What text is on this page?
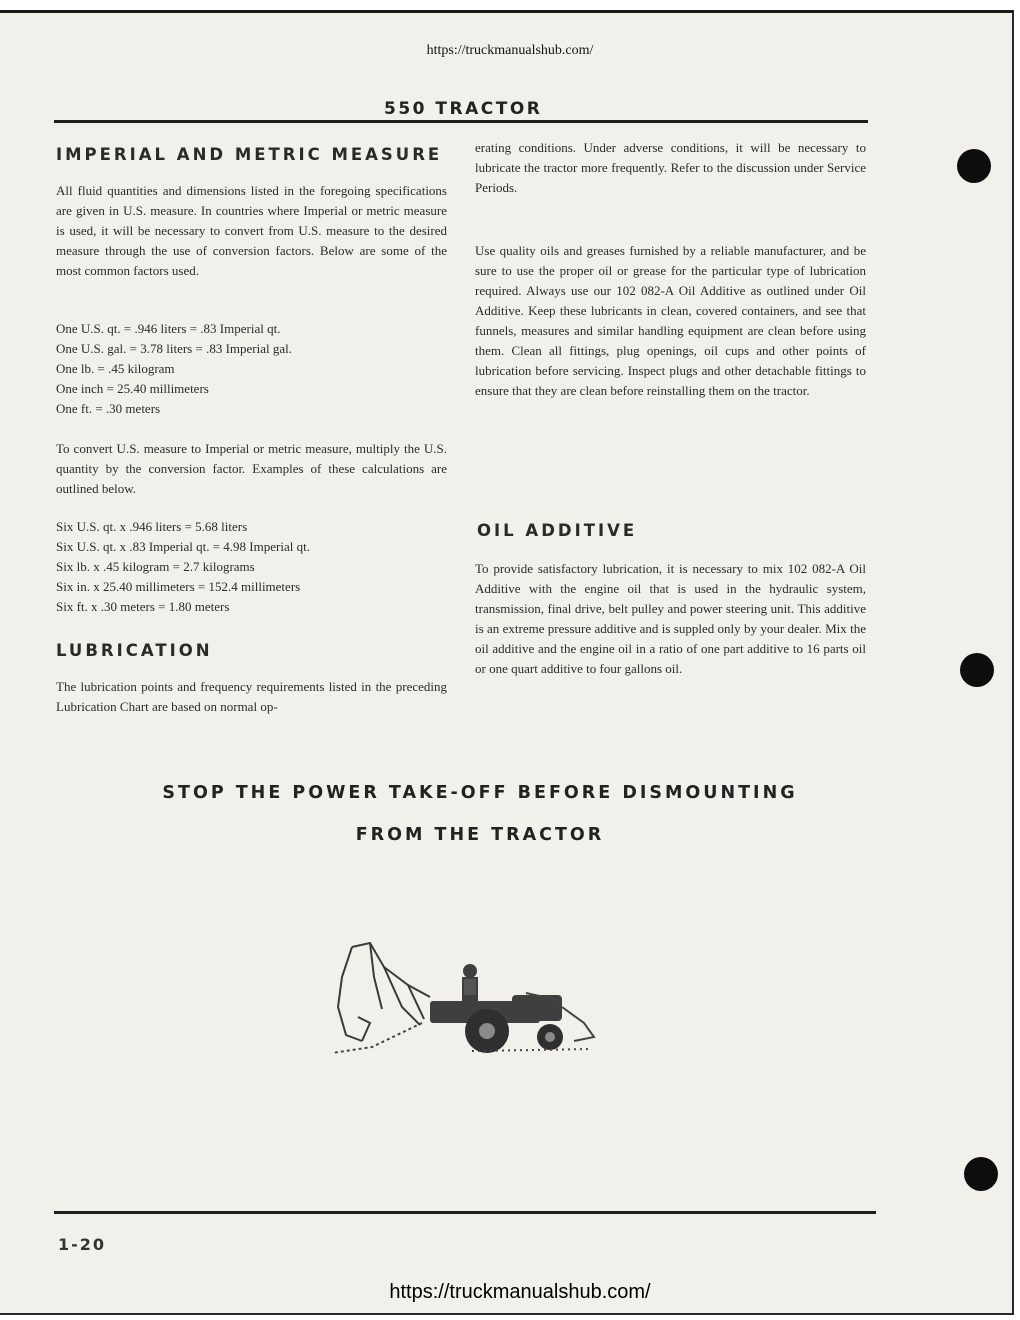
https://truckmanualshub.com/
550 TRACTOR
IMPERIAL AND METRIC MEASURE

All fluid quantities and dimensions listed in the foregoing specifications are given in U.S. measure. In countries where Imperial or metric measure is used, it will be necessary to convert from U.S. measure to the desired measure through the use of conversion factors. Below are some of the most common factors used.

One U.S. qt. = .946 liters = .83 Imperial qt.
One U.S. gal. = 3.78 liters = .83 Imperial gal.
One lb. = .45 kilogram
One inch = 25.40 millimeters
One ft. = .30 meters

To convert U.S. measure to Imperial or metric measure, multiply the U.S. quantity by the conversion factor. Examples of these calculations are outlined below.

Six U.S. qt. x .946 liters = 5.68 liters
Six U.S. qt. x .83 Imperial qt. = 4.98 Imperial qt.
Six lb. x .45 kilogram = 2.7 kilograms
Six in. x 25.40 millimeters = 152.4 millimeters
Six ft. x .30 meters = 1.80 meters
LUBRICATION

The lubrication points and frequency requirements listed in the preceding Lubrication Chart are based on normal op-

erating conditions. Under adverse conditions, it will be necessary to lubricate the tractor more frequently. Refer to the discussion under Service Periods.

Use quality oils and greases furnished by a reliable manufacturer, and be sure to use the proper oil or grease for the particular type of lubrication required. Always use our 102 082-A Oil Additive as outlined under Oil Additive. Keep these lubricants in clean, covered containers, and see that funnels, measures and similar handling equipment are clean before using them. Clean all fittings, plug openings, oil cups and other points of lubrication before servicing. Inspect plugs and other detachable fittings to ensure that they are clean before reinstalling them on the tractor.

OIL ADDITIVE

To provide satisfactory lubrication, it is necessary to mix 102 082-A Oil Additive with the engine oil that is used in the hydraulic system, transmission, final drive, belt pulley and power steering unit. This additive is an extreme pressure additive and is suppled only by your dealer. Mix the oil additive and the engine oil in a ratio of one part additive to 16 parts oil or one quart additive to four gallons oil.

STOP THE POWER TAKE-OFF BEFORE DISMOUNTING
FROM THE TRACTOR
1-20
https://truckmanualshub.com/
